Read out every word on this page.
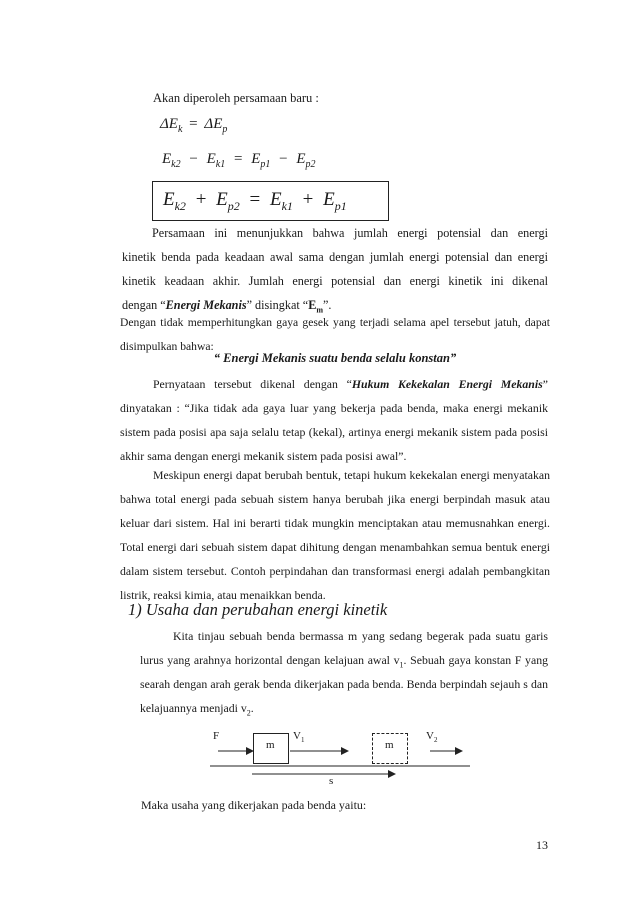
Akan diperoleh persamaan baru :
$\Delta E_k = \Delta E_p$
$E_{k2} - E_{k1} = E_{p1} - E_{p2}$
$E_{k2} + E_{p2} = E_{k1} + E_{p1}$
Persamaan ini menunjukkan bahwa jumlah energi potensial dan energi
kinetik benda pada keadaan awal sama dengan jumlah energi potensial dan energi
kinetik keadaan akhir. Jumlah energi potensial dan energi kinetik ini dikenal
dengan “Energi Mekanis” disingkat “$E_m$”.
Dengan tidak memperhitungkan gaya gesek yang terjadi selama apel tersebut jatuh, dapat
disimpulkan bahwa:
“ Energi Mekanis suatu benda selalu konstan”
Pernyataan tersebut dikenal dengan “Hukum Kekekalan Energi Mekanis”
dinyatakan : “Jika tidak ada gaya luar yang bekerja pada benda, maka energi mekanik
sistem pada posisi apa saja selalu tetap (kekal), artinya energi mekanik sistem pada posisi
akhir sama dengan energi mekanik sistem pada posisi awal”.
Meskipun energi dapat berubah bentuk, tetapi hukum kekekalan energi menyatakan
bahwa total energi pada sebuah sistem hanya berubah jika energi berpindah masuk atau
keluar dari sistem. Hal ini berarti tidak mungkin menciptakan atau memusnahkan energi.
Total energi dari sebuah sistem dapat dihitung dengan menambahkan semua bentuk energi
dalam sistem tersebut. Contoh perpindahan dan transformasi energi adalah pembangkitan
listrik, reaksi kimia, atau menaikkan benda.
1) Usaha dan perubahan energi kinetik
Kita tinjau sebuah benda bermassa m yang sedang begerak pada suatu garis
lurus yang arahnya horizontal dengan kelajuan awal $v_1$. Sebuah gaya konstan F yang
searah dengan arah gerak benda dikerjakan pada benda. Benda berpindah sejauh s dan
kelajuannya menjadi $v_2$.
F
m
$V_1$	m
$V_2$
s
Maka usaha yang dikerjakan pada benda yaitu:
13
